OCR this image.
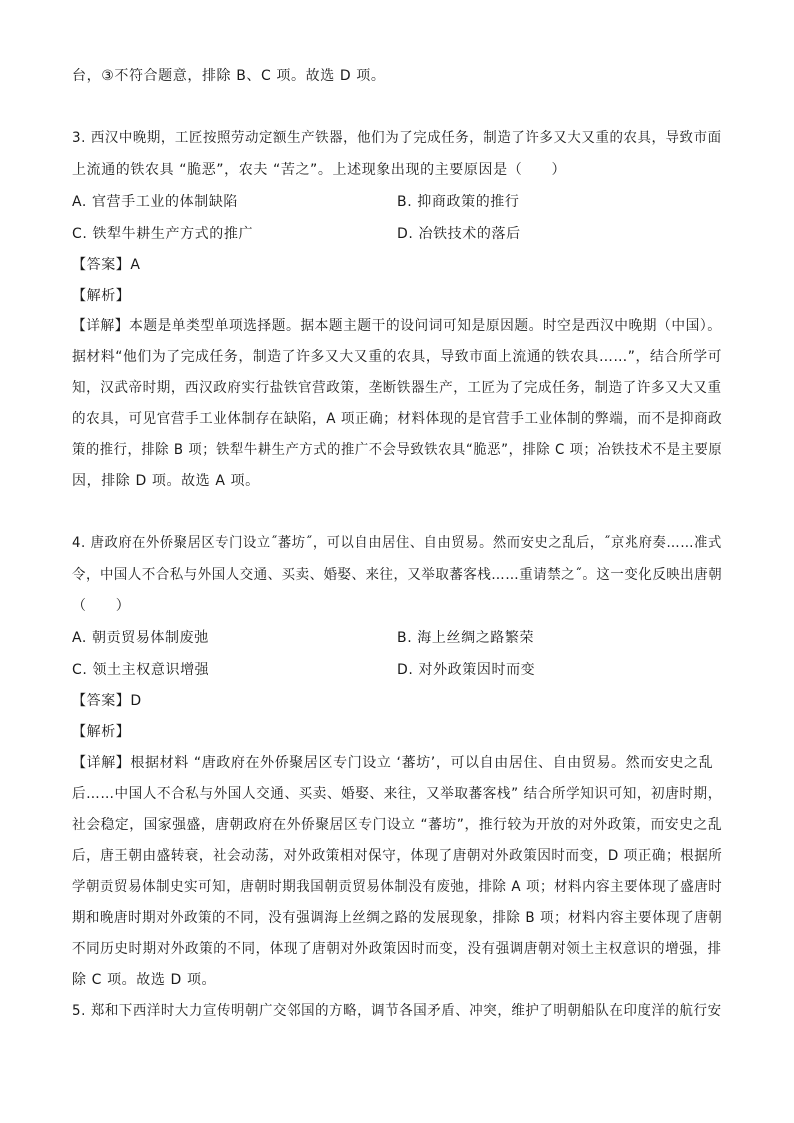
台，③不符合题意，排除 B、C 项。故选 D 项。
3. 西汉中晚期，工匠按照劳动定额生产铁器，他们为了完成任务，制造了许多又大又重的农具，导致市面
上流通的铁农具 “脆恶”，农夫 “苦之”。上述现象出现的主要原因是（　　）
A. 官营手工业的体制缺陷	B. 抑商政策的推行
C. 铁犁牛耕生产方式的推广	D. 冶铁技术的落后
【答案】A
【解析】
【详解】本题是单类型单项选择题。据本题主题干的设问词可知是原因题。时空是西汉中晚期（中国）。
据材料“他们为了完成任务，制造了许多又大又重的农具，导致市面上流通的铁农具……”，结合所学可
知，汉武帝时期，西汉政府实行盐铁官营政策，垄断铁器生产，工匠为了完成任务，制造了许多又大又重
的农具，可见官营手工业体制存在缺陷，A 项正确；材料体现的是官营手工业体制的弊端，而不是抑商政
策的推行，排除 B 项；铁犁牛耕生产方式的推广不会导致铁农具“脆恶”，排除 C 项；冶铁技术不是主要原
因，排除 D 项。故选 A 项。
4. 唐政府在外侨聚居区专门设立˝蕃坊˝，可以自由居住、自由贸易。然而安史之乱后，˝京兆府奏……准式
令，中国人不合私与外国人交通、买卖、婚娶、来往，又举取蕃客栈……重请禁之˝。这一变化反映出唐朝
（　　）
A. 朝贡贸易体制废弛	B. 海上丝绸之路繁荣
C. 领土主权意识增强	D. 对外政策因时而变
【答案】D
【解析】
【详解】根据材料 “唐政府在外侨聚居区专门设立 ‘蕃坊’，可以自由居住、自由贸易。然而安史之乱
后……中国人不合私与外国人交通、买卖、婚娶、来往，又举取蕃客栈” 结合所学知识可知，初唐时期，
社会稳定，国家强盛，唐朝政府在外侨聚居区专门设立 “蕃坊”，推行较为开放的对外政策，而安史之乱
后，唐王朝由盛转衰，社会动荡，对外政策相对保守，体现了唐朝对外政策因时而变，D 项正确；根据所
学朝贡贸易体制史实可知，唐朝时期我国朝贡贸易体制没有废弛，排除 A 项；材料内容主要体现了盛唐时
期和晚唐时期对外政策的不同，没有强调海上丝绸之路的发展现象，排除 B 项；材料内容主要体现了唐朝
不同历史时期对外政策的不同，体现了唐朝对外政策因时而变，没有强调唐朝对领土主权意识的增强，排
除 C 项。故选 D 项。
5. 郑和下西洋时大力宣传明朝广交邻国的方略，调节各国矛盾、冲突，维护了明朝船队在印度洋的航行安
